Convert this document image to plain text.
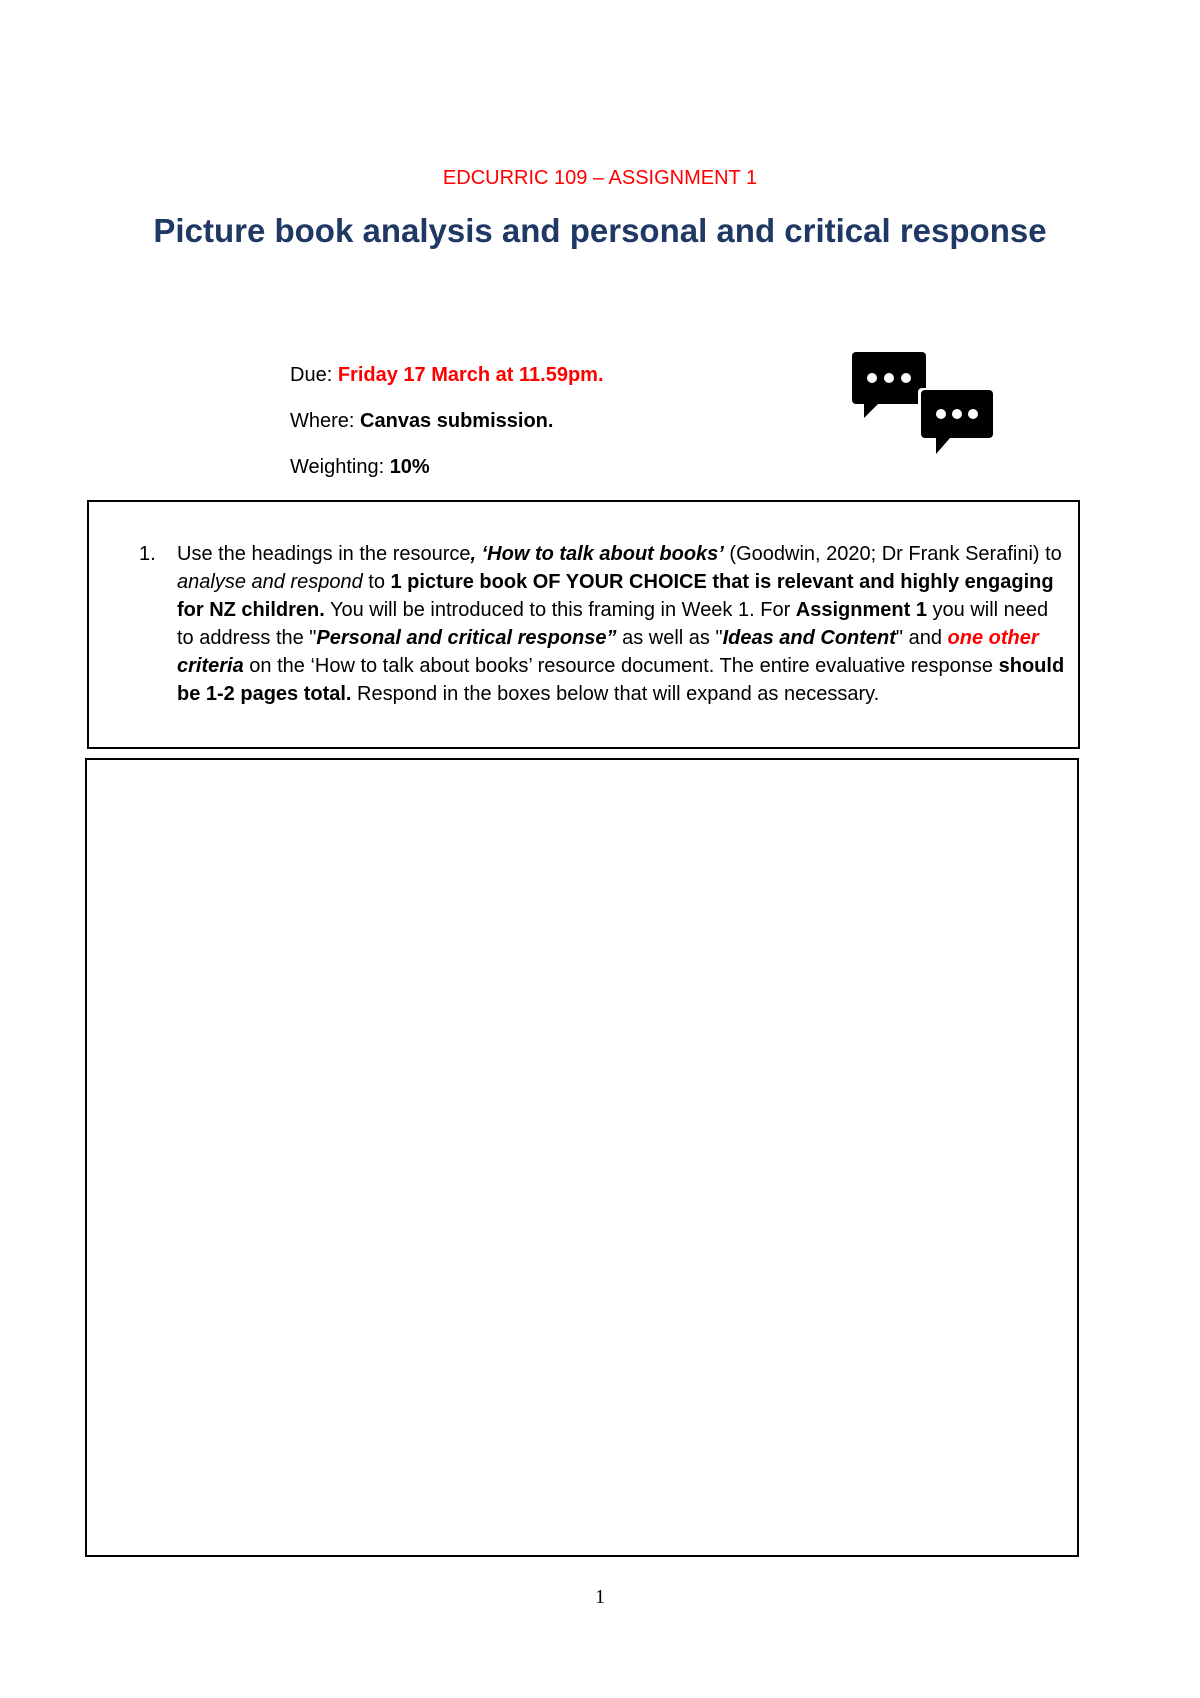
EDCURRIC 109 – ASSIGNMENT 1
Picture book analysis and personal and critical response
Due: Friday 17 March at 11.59pm.
Where: Canvas submission.
Weighting: 10%
1. Use the headings in the resource, ‘How to talk about books’ (Goodwin, 2020; Dr Frank Serafini) to analyse and respond to 1 picture book OF YOUR CHOICE that is relevant and highly engaging for NZ children. You will be introduced to this framing in Week 1. For Assignment 1 you will need to address the "Personal and critical response” as well as "Ideas and Content" and one other criteria on the ‘How to talk about books’ resource document. The entire evaluative response should be 1-2 pages total. Respond in the boxes below that will expand as necessary.
1
